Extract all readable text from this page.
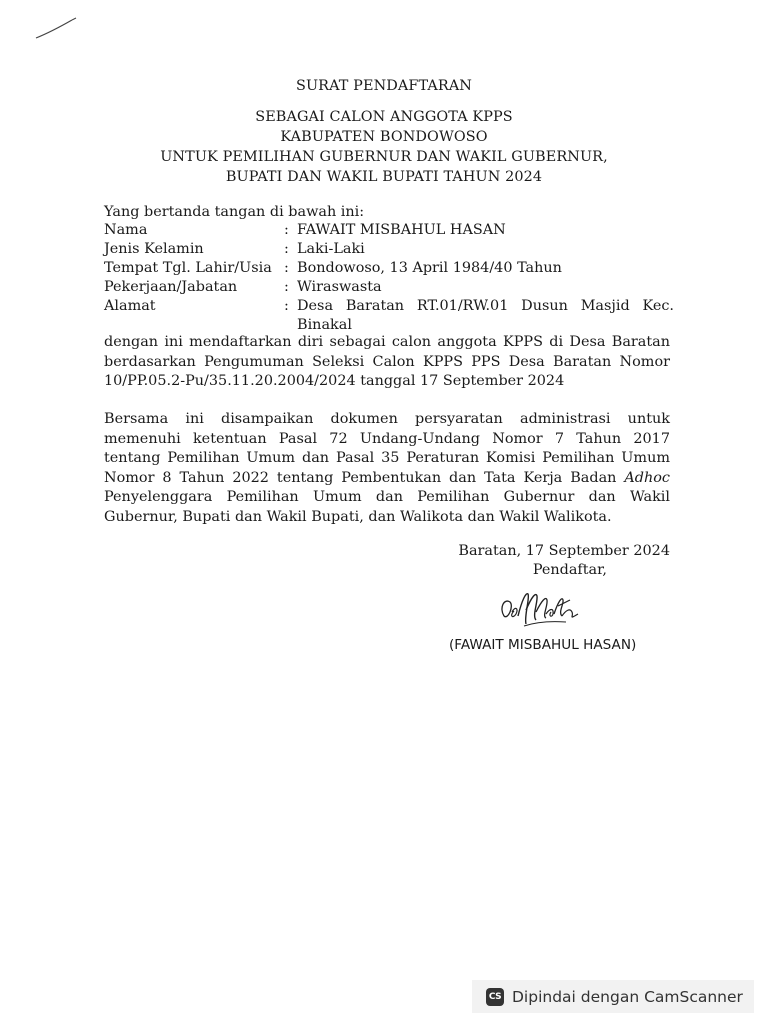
SURAT PENDAFTARAN
SEBAGAI CALON ANGGOTA KPPS
KABUPATEN BONDOWOSO
UNTUK PEMILIHAN GUBERNUR DAN WAKIL GUBERNUR,
BUPATI DAN WAKIL BUPATI TAHUN 2024
Yang bertanda tangan di bawah ini:
Nama	: FAWAIT MISBAHUL HASAN
Jenis Kelamin	: Laki-Laki
Tempat Tgl. Lahir/Usia : Bondowoso, 13 April 1984/40 Tahun
Pekerjaan/Jabatan	: Wiraswasta
Alamat	: Desa Baratan RT.01/RW.01 Dusun Masjid Kec.
Binakal
dengan ini mendaftarkan diri sebagai calon anggota KPPS di Desa Baratan
berdasarkan Pengumuman Seleksi Calon KPPS PPS Desa Baratan Nomor
10/PP.05.2-Pu/35.11.20.2004/2024 tanggal 17 September 2024
Bersama ini disampaikan dokumen persyaratan administrasi untuk
memenuhi ketentuan Pasal 72 Undang-Undang Nomor 7 Tahun 2017
tentang Pemilihan Umum dan Pasal 35 Peraturan Komisi Pemilihan Umum
Nomor 8 Tahun 2022 tentang Pembentukan dan Tata Kerja Badan Adhoc
Penyelenggara Pemilihan Umum dan Pemilihan Gubernur dan Wakil
Gubernur, Bupati dan Wakil Bupati, dan Walikota dan Wakil Walikota.
Baratan, 17 September 2024
Pendaftar,
(FAWAIT MISBAHUL HASAN)
CS Dipindai dengan CamScanner
